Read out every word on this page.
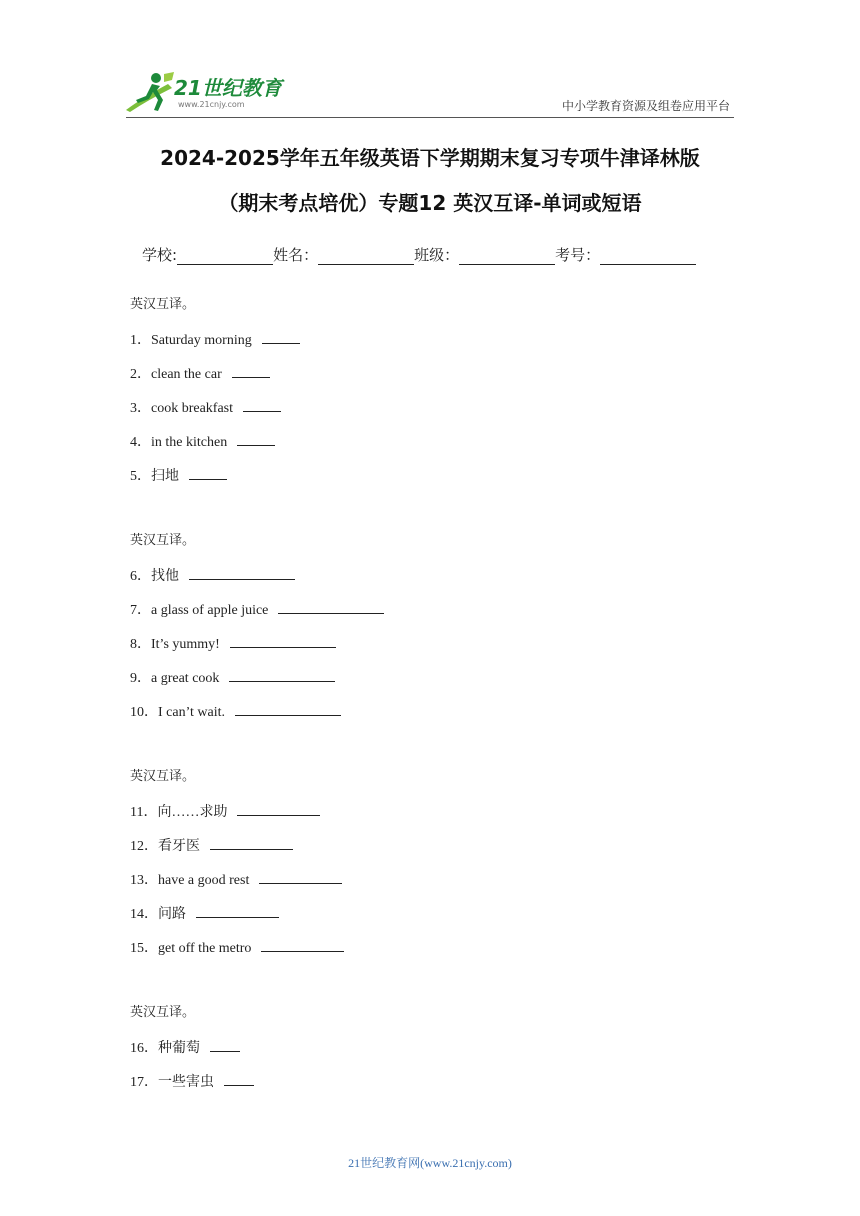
21世纪教育
www.21cnjy.com	中小学教育资源及组卷应用平台
2024-2025学年五年级英语下学期期末复习专项牛津译林版
（期末考点培优）专题12 英汉互译-单词或短语
学校:	姓名：	班级：	考号：
英汉互译。
1．Saturday morning
2．clean the car
3．cook breakfast
4．in the kitchen
5．扫地
英汉互译。
6．找他
7．a glass of apple juice
8．It’s yummy!
9．a great cook
10．I can’t wait.
英汉互译。
11．向……求助
12．看牙医
13．have a good rest
14．问路
15．get off the metro
英汉互译。
16．种葡萄
17．一些害虫
21世纪教育网(www.21cnjy.com)
